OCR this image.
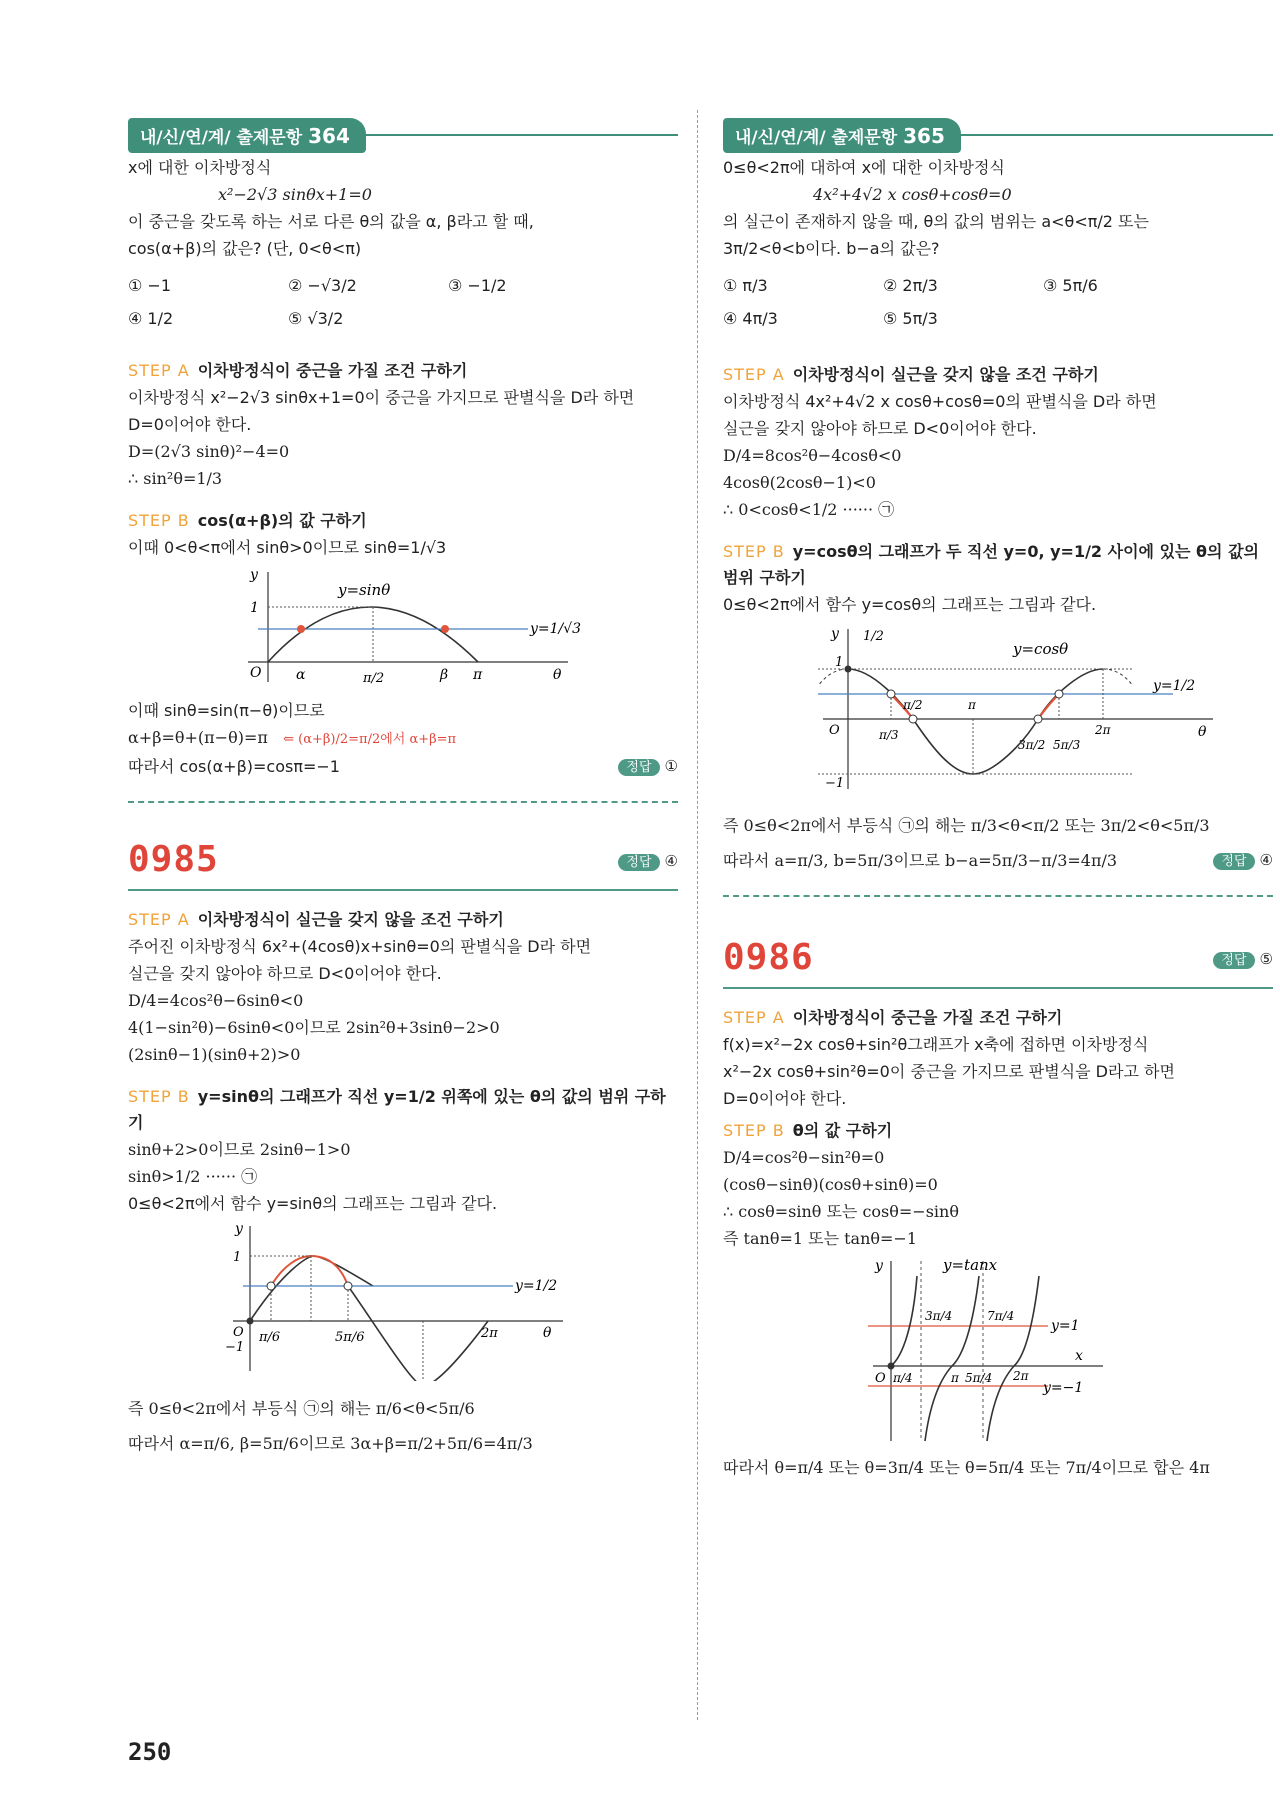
내/신/연/계/ 출제문항 364
x에 대한 이차방정식
x²−2√3 sinθx+1=0
이 중근을 갖도록 하는 서로 다른 θ의 값을 α, β라고 할 때,
cos(α+β)의 값은? (단, 0<θ<π)
① −1	② −√3/2	③ −1/2
④ 1/2	⑤ √3/2
STEP A 이차방정식이 중근을 가질 조건 구하기
이차방정식 x²−2√3 sinθx+1=0이 중근을 가지므로 판별식을 D라 하면
D=0이어야 한다.
D=(2√3 sinθ)²−4=0
∴ sin²θ=1/3
STEP B cos(α+β)의 값 구하기
이때 0<θ<π에서 sinθ>0이므로 sinθ=1/√3
y
O
1
y=sinθ
y=1/√3
α	π/2	β π	θ
이때 sinθ=sin(π−θ)이므로
α+β=θ+(π−θ)=π ⇐ (α+β)/2=π/2에서 α+β=π
따라서 cos(α+β)=cosπ=−1	정답 ①
0985	정답 ④
STEP A 이차방정식이 실근을 갖지 않을 조건 구하기
주어진 이차방정식 6x²+(4cosθ)x+sinθ=0의 판별식을 D라 하면
실근을 갖지 않아야 하므로 D<0이어야 한다.
D/4=4cos²θ−6sinθ<0
4(1−sin²θ)−6sinθ<0이므로 2sin²θ+3sinθ−2>0
(2sinθ−1)(sinθ+2)>0
STEP B y=sinθ의 그래프가 직선 y=1/2 위쪽에 있는 θ의 값의 범위 구하기
sinθ+2>0이므로 2sinθ−1>0
sinθ>1/2 ······ ㉠
0≤θ<2π에서 함수 y=sinθ의 그래프는 그림과 같다.
y
1
O
−1
y=1/2
π/6	5π/6	2π	θ
즉 0≤θ<2π에서 부등식 ㉠의 해는 π/6<θ<5π/6
따라서 α=π/6, β=5π/6이므로 3α+β=π/2+5π/6=4π/3
내/신/연/계/ 출제문항 365
0≤θ<2π에 대하여 x에 대한 이차방정식
4x²+4√2 x cosθ+cosθ=0
의 실근이 존재하지 않을 때, θ의 값의 범위는 a<θ<π/2 또는
3π/2<θ<b이다. b−a의 값은?
① π/3	② 2π/3	③ 5π/6
④ 4π/3	⑤ 5π/3
STEP A 이차방정식이 실근을 갖지 않을 조건 구하기
이차방정식 4x²+4√2 x cosθ+cosθ=0의 판별식을 D라 하면
실근을 갖지 않아야 하므로 D<0이어야 한다.
D/4=8cos²θ−4cosθ<0
4cosθ(2cosθ−1)<0
∴ 0<cosθ<1/2 ······ ㉠
STEP B y=cosθ의 그래프가 두 직선 y=0, y=1/2 사이에 있는 θ의 값의 범위 구하기
0≤θ<2π에서 함수 y=cosθ의 그래프는 그림과 같다.
y 1/2
1
O
−1
y=cosθ
y=1/2
π/2	π
π/3
3π/2 5π/3
2π	θ
즉 0≤θ<2π에서 부등식 ㉠의 해는 π/3<θ<π/2 또는 3π/2<θ<5π/3
따라서 a=π/3, b=5π/3이므로 b−a=5π/3−π/3=4π/3	정답 ④
0986	정답 ⑤
STEP A 이차방정식이 중근을 가질 조건 구하기
f(x)=x²−2x cosθ+sin²θ그래프가 x축에 접하면 이차방정식
x²−2x cosθ+sin²θ=0이 중근을 가지므로 판별식을 D라고 하면
D=0이어야 한다.
STEP B θ의 값 구하기
D/4=cos²θ−sin²θ=0
(cosθ−sinθ)(cosθ+sinθ)=0
∴ cosθ=sinθ 또는 cosθ=−sinθ
즉 tanθ=1 또는 tanθ=−1
y	y=tanx
y=1
y=−1
O π/4
3π/4
π 5π/4
7π/4
2π
x
따라서 θ=π/4 또는 θ=3π/4 또는 θ=5π/4 또는 7π/4이므로 합은 4π
250
